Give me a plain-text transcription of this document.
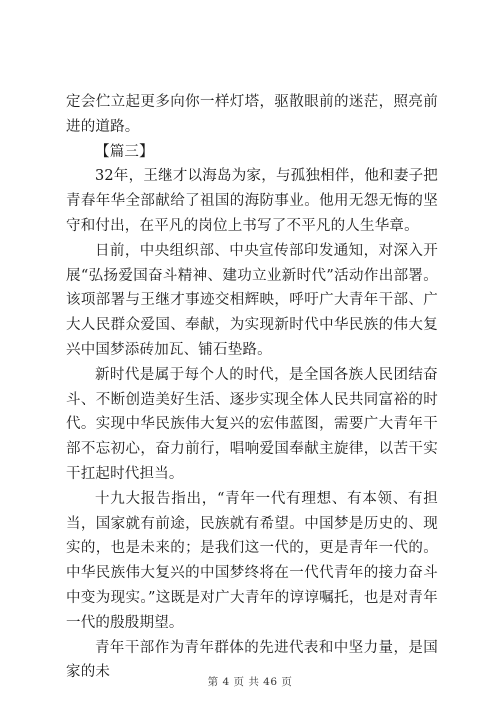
定会伫立起更多向你一样灯塔，驱散眼前的迷茫，照亮前进的道路。

【篇三】

32年，王继才以海岛为家，与孤独相伴，他和妻子把青春年华全部献给了祖国的海防事业。他用无怨无悔的坚守和付出，在平凡的岗位上书写了不平凡的人生华章。

日前，中央组织部、中央宣传部印发通知，对深入开展“弘扬爱国奋斗精神、建功立业新时代”活动作出部署。该项部署与王继才事迹交相辉映，呼吁广大青年干部、广大人民群众爱国、奉献，为实现新时代中华民族的伟大复兴中国梦添砖加瓦、铺石垫路。

新时代是属于每个人的时代，是全国各族人民团结奋斗、不断创造美好生活、逐步实现全体人民共同富裕的时代。实现中华民族伟大复兴的宏伟蓝图，需要广大青年干部不忘初心，奋力前行，唱响爱国奉献主旋律，以苦干实干扛起时代担当。

十九大报告指出，“青年一代有理想、有本领、有担当，国家就有前途，民族就有希望。中国梦是历史的、现实的，也是未来的；是我们这一代的，更是青年一代的。中华民族伟大复兴的中国梦终将在一代代青年的接力奋斗中变为现实。”这既是对广大青年的谆谆嘱托，也是对青年一代的殷殷期望。

青年干部作为青年群体的先进代表和中坚力量，是国家的未

第 4 页 共 46 页
